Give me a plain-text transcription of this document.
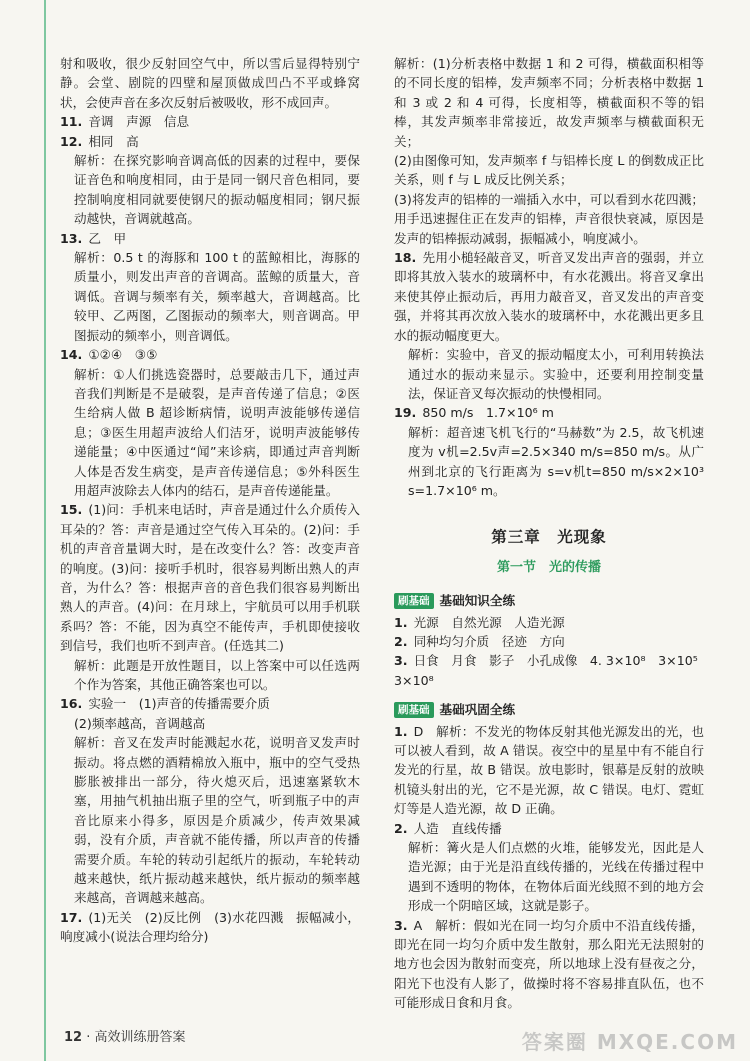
射和吸收，很少反射回空气中，所以雪后显得特别宁静。会堂、剧院的四壁和屋顶做成凹凸不平或蜂窝状，会使声音在多次反射后被吸收，形不成回声。

11. 音调　声源　信息

12. 相同　高

解析：在探究影响音调高低的因素的过程中，要保证音色和响度相同，由于是同一钢尺音色相同，要控制响度相同就要使钢尺的振动幅度相同；钢尺振动越快，音调就越高。

13. 乙　甲

解析：0.5 t 的海豚和 100 t 的蓝鲸相比，海豚的质量小，则发出声音的音调高。蓝鲸的质量大，音调低。音调与频率有关，频率越大，音调越高。比较甲、乙两图，乙图振动的频率大，则音调高。甲图振动的频率小，则音调低。

14. ①②④　③⑤

解析：①人们挑选瓷器时，总要敲击几下，通过声音我们判断是不是破裂，是声音传递了信息；②医生给病人做 B 超诊断病情，说明声波能够传递信息；③医生用超声波给人们洁牙，说明声波能够传递能量；④中医通过“闻”来诊病，即通过声音判断人体是否发生病变，是声音传递信息；⑤外科医生用超声波除去人体内的结石，是声音传递能量。

15. (1)问：手机来电话时，声音是通过什么介质传入耳朵的？答：声音是通过空气传入耳朵的。(2)问：手机的声音音量调大时，是在改变什么？答：改变声音的响度。(3)问：接听手机时，很容易判断出熟人的声音，为什么？答：根据声音的音色我们很容易判断出熟人的声音。(4)问：在月球上，宇航员可以用手机联系吗？答：不能，因为真空不能传声，手机即使接收到信号，我们也听不到声音。(任选其二)

解析：此题是开放性题目，以上答案中可以任选两个作为答案，其他正确答案也可以。

16. 实验一　(1)声音的传播需要介质

(2)频率越高，音调越高

解析：音叉在发声时能溅起水花，说明音叉发声时振动。将点燃的酒精棉放入瓶中，瓶中的空气受热膨胀被排出一部分，待火熄灭后，迅速塞紧软木塞，用抽气机抽出瓶子里的空气，听到瓶子中的声音比原来小得多，原因是介质减少，传声效果减弱，没有介质，声音就不能传播，所以声音的传播需要介质。车轮的转动引起纸片的振动，车轮转动越来越快，纸片振动越来越快，纸片振动的频率越来越高，音调越来越高。

17. (1)无关　(2)反比例　(3)水花四溅　振幅减小，响度减小(说法合理均给分)

解析：(1)分析表格中数据 1 和 2 可得，横截面积相等的不同长度的铝棒，发声频率不同；分析表格中数据 1 和 3 或 2 和 4 可得，长度相等，横截面积不等的铝棒，其发声频率非常接近，故发声频率与横截面积无关；

(2)由图像可知，发声频率 f 与铝棒长度 L 的倒数成正比关系，则 f 与 L 成反比例关系；

(3)将发声的铝棒的一端插入水中，可以看到水花四溅；用手迅速握住正在发声的铝棒，声音很快衰减，原因是发声的铝棒振动减弱，振幅减小，响度减小。

18. 先用小槌轻敲音叉，听音叉发出声音的强弱，并立即将其放入装水的玻璃杯中，有水花溅出。将音叉拿出来使其停止振动后，再用力敲音叉，音叉发出的声音变强，并将其再次放入装水的玻璃杯中，水花溅出更多且水的振动幅度更大。

解析：实验中，音叉的振动幅度太小，可利用转换法通过水的振动来显示。实验中，还要利用控制变量法，保证音叉每次振动的快慢相同。

19. 850 m/s　1.7×10⁶ m

解析：超音速飞机飞行的“马赫数”为 2.5，故飞机速度为 v机=2.5v声=2.5×340 m/s=850 m/s。从广州到北京的飞行距离为 s=v机t=850 m/s×2×10³ s=1.7×10⁶ m。

第三章　光现象
第一节　光的传播
刷基础 基础知识全练

1. 光源　自然光源　人造光源

2. 同种均匀介质　径迹　方向

3. 日食　月食　影子　小孔成像　4. 3×10⁸　3×10⁵　3×10⁸

刷基础 基础巩固全练

1. D　解析：不发光的物体反射其他光源发出的光，也可以被人看到，故 A 错误。夜空中的星星中有不能自行发光的行星，故 B 错误。放电影时，银幕是反射的放映机镜头射出的光，它不是光源，故 C 错误。电灯、霓虹灯等是人造光源，故 D 正确。

2. 人造　直线传播

解析：篝火是人们点燃的火堆，能够发光，因此是人造光源；由于光是沿直线传播的，光线在传播过程中遇到不透明的物体，在物体后面光线照不到的地方会形成一个阴暗区域，这就是影子。

3. A　解析：假如光在同一均匀介质中不沿直线传播，即光在同一均匀介质中发生散射，那么阳光无法照射的地方也会因为散射而变亮，所以地球上没有昼夜之分，阳光下也没有人影了，做操时将不容易排直队伍，也不可能形成日食和月食。

12 · 高效训练册答案	答案圈 MXQE.COM
